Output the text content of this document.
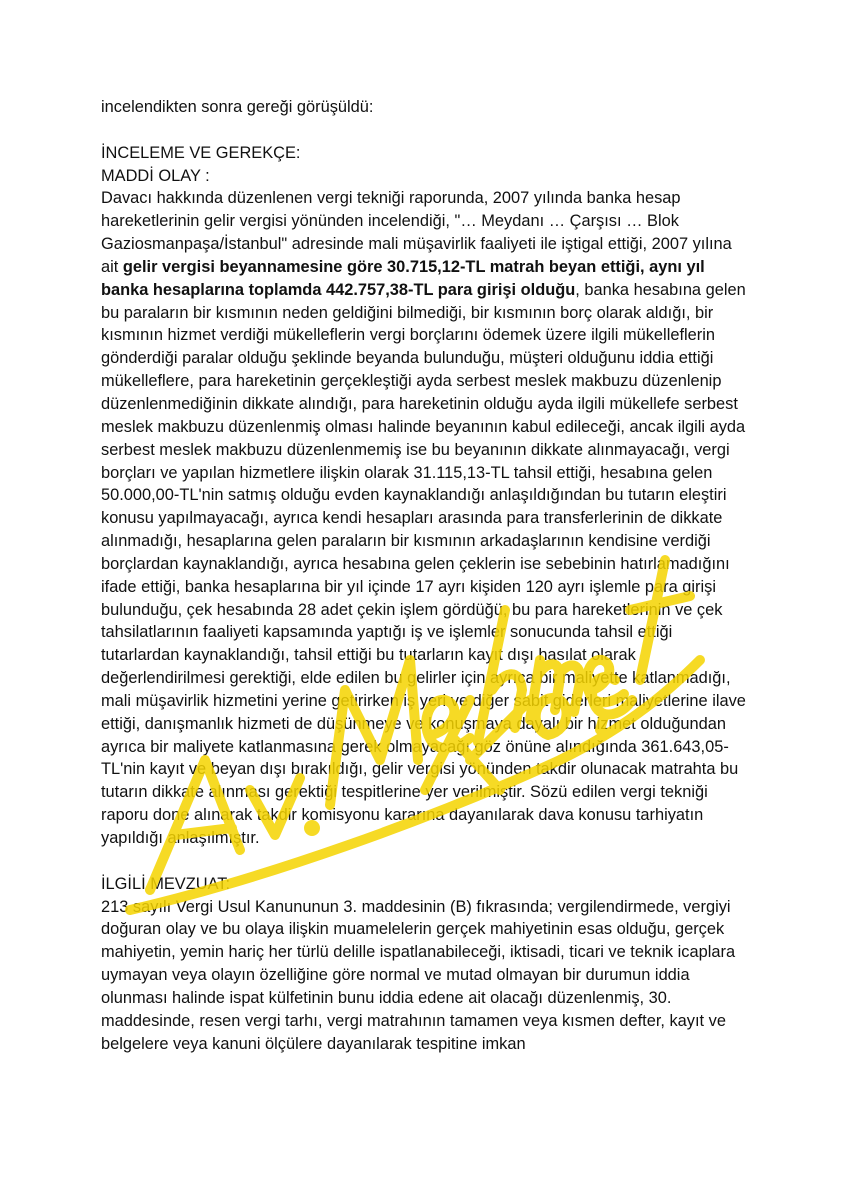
incelendikten sonra gereği görüşüldü:

İNCELEME VE GEREKÇE:

MADDİ OLAY :

Davacı hakkında düzenlenen vergi tekniği raporunda, 2007 yılında banka hesap hareketlerinin gelir vergisi yönünden incelendiği, "… Meydanı … Çarşısı … Blok Gaziosmanpaşa/İstanbul" adresinde mali müşavirlik faaliyeti ile iştigal ettiği, 2007 yılına ait gelir vergisi beyannamesine göre 30.715,12-TL matrah beyan ettiği, aynı yıl banka hesaplarına toplamda 442.757,38-TL para girişi olduğu, banka hesabına gelen bu paraların bir kısmının neden geldiğini bilmediği, bir kısmının borç olarak aldığı, bir kısmının hizmet verdiği mükelleflerin vergi borçlarını ödemek üzere ilgili mükelleflerin gönderdiği paralar olduğu şeklinde beyanda bulunduğu, müşteri olduğunu iddia ettiği mükelleflere, para hareketinin gerçekleştiği ayda serbest meslek makbuzu düzenlenip düzenlenmediğinin dikkate alındığı, para hareketinin olduğu ayda ilgili mükellefe serbest meslek makbuzu düzenlenmiş olması halinde beyanının kabul edileceği, ancak ilgili ayda serbest meslek makbuzu düzenlenmemiş ise bu beyanının dikkate alınmayacağı, vergi borçları ve yapılan hizmetlere ilişkin olarak 31.115,13-TL tahsil ettiği, hesabına gelen 50.000,00-TL'nin satmış olduğu evden kaynaklandığı anlaşıldığından bu tutarın eleştiri konusu yapılmayacağı, ayrıca kendi hesapları arasında para transferlerinin de dikkate alınmadığı, hesaplarına gelen paraların bir kısmının arkadaşlarının kendisine verdiği borçlardan kaynaklandığı, ayrıca hesabına gelen çeklerin ise sebebinin hatırlamadığını ifade ettiği, banka hesaplarına bir yıl içinde 17 ayrı kişiden 120 ayrı işlemle para girişi bulunduğu, çek hesabında 28 adet çekin işlem gördüğü, bu para hareketlerinin ve çek tahsilatlarının faaliyeti kapsamında yaptığı iş ve işlemler sonucunda tahsil ettiği tutarlardan kaynaklandığı, tahsil ettiği bu tutarların kayıt dışı hasılat olarak değerlendirilmesi gerektiği, elde edilen bu gelirler için ayrıca bir maliyette katlanmadığı, mali müşavirlik hizmetini yerine getirirken iş yeri ve diğer sabit giderleri maliyetlerine ilave ettiği, danışmanlık hizmeti de düşünmeye ve konuşmaya dayalı bir hizmet olduğundan ayrıca bir maliyete katlanmasına gerek olmayacağı göz önüne alındığında 361.643,05-TL'nin kayıt ve beyan dışı bırakıldığı, gelir vergisi yönünden takdir olunacak matrahta bu tutarın dikkate alınması gerektiği tespitlerine yer verilmiştir. Sözü edilen vergi tekniği raporu done alınarak takdir komisyonu kararına dayanılarak dava konusu tarhiyatın yapıldığı anlaşılmıştır.

İLGİLİ MEVZUAT:

213 sayılı Vergi Usul Kanununun 3. maddesinin (B) fıkrasında; vergilendirmede, vergiyi doğuran olay ve bu olaya ilişkin muamelelerin gerçek mahiyetinin esas olduğu, gerçek mahiyetin, yemin hariç her türlü delille ispatlanabileceği, iktisadi, ticari ve teknik icaplara uymayan veya olayın özelliğine göre normal ve mutad olmayan bir durumun iddia olunması halinde ispat külfetinin bunu iddia edene ait olacağı düzenlenmiş, 30. maddesinde, resen vergi tarhı, vergi matrahının tamamen veya kısmen defter, kayıt ve belgelere veya kanuni ölçülere dayanılarak tespitine imkan
